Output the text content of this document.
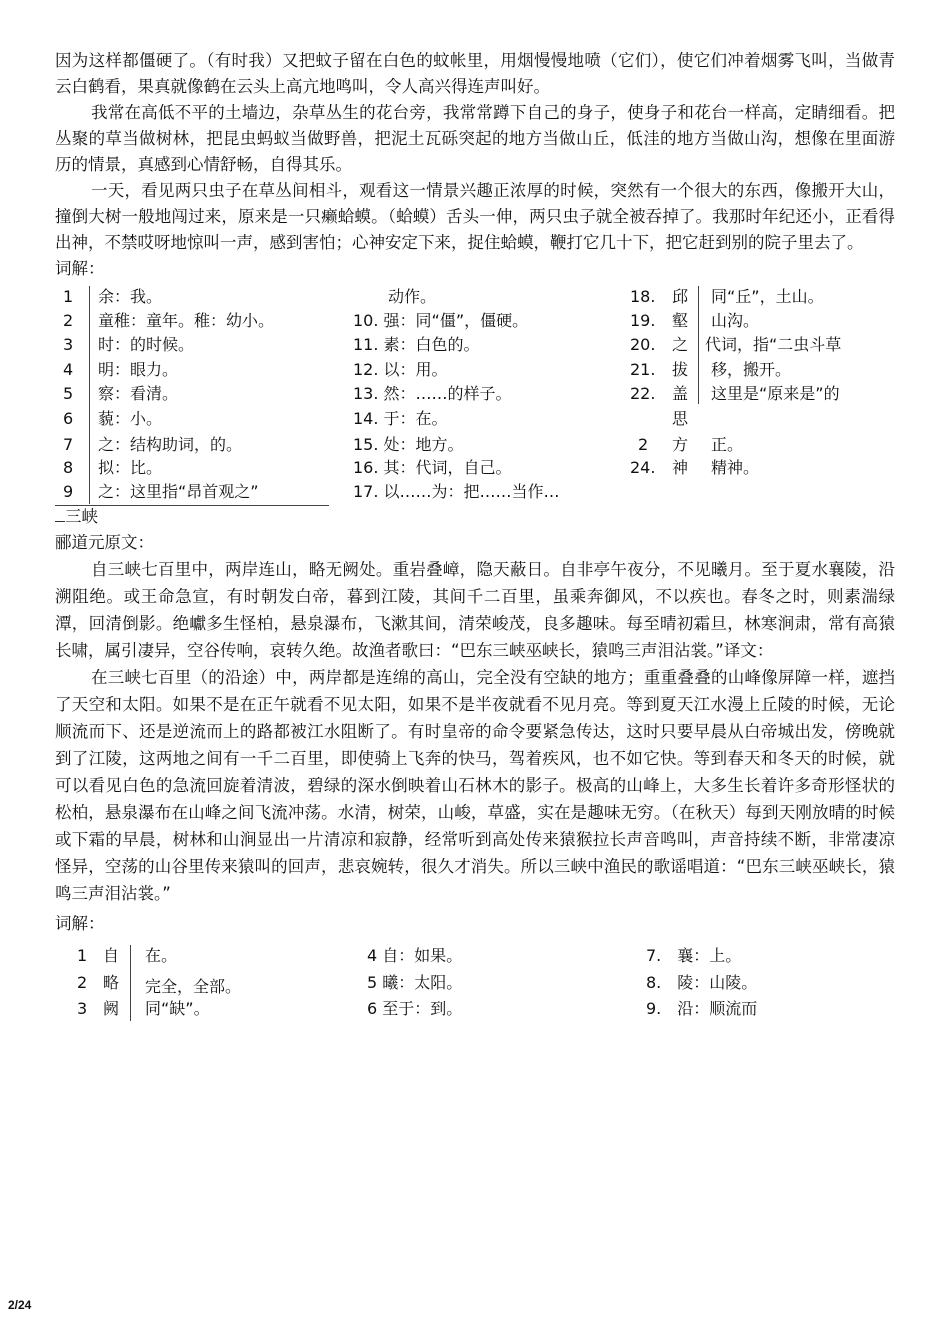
因为这样都僵硬了。（有时我）又把蚊子留在白色的蚊帐里，用烟慢慢地喷（它们），使它们冲着烟雾飞叫，当做青云白鹤看，果真就像鹤在云头上高亢地鸣叫，令人高兴得连声叫好。

我常在高低不平的土墙边，杂草丛生的花台旁，我常常蹲下自己的身子，使身子和花台一样高，定睛细看。把丛聚的草当做树林，把昆虫蚂蚁当做野兽，把泥土瓦砾突起的地方当做山丘，低洼的地方当做山沟，想像在里面游历的情景，真感到心情舒畅，自得其乐。

一天，看见两只虫子在草丛间相斗，观看这一情景兴趣正浓厚的时候，突然有一个很大的东西，像搬开大山，撞倒大树一般地闯过来，原来是一只癞蛤蟆。（蛤蟆）舌头一伸，两只虫子就全被吞掉了。我那时年纪还小，正看得出神，不禁哎呀地惊叫一声，感到害怕；心神安定下来，捉住蛤蟆，鞭打它几十下，把它赶到别的院子里去了。

词解：

1 余：我。
2 童稚：童年。稚：幼小。
3 时：的时候。
4 明：眼力。
5 察：看清。
6 藐：小。
7 之：结构助词，的。
8 拟：比。
9 之：这里指“昂首观之”
动作。
10. 强：同“僵”，僵硬。
11. 素：白色的。
12. 以：用。
13. 然：……的样子。
14. 于：在。
15. 处：地方。
16. 其：代词，自己。
17. 以……为：把……当作…
18.
19.
20.
21.
22.
2
24.
邱
壑
之
拔
盖
思
方
神
同“丘”，土山。
山沟。
代词，指“二虫斗草
移，搬开。
这里是“原来是”的
正。
精神。

三峡

郦道元原文：

自三峡七百里中，两岸连山，略无阙处。重岩叠嶂，隐天蔽日。自非亭午夜分，不见曦月。至于夏水襄陵，沿溯阻绝。或王命急宣，有时朝发白帝，暮到江陵，其间千二百里，虽乘奔御风，不以疾也。春冬之时，则素湍绿潭，回清倒影。绝巘多生怪柏，悬泉瀑布，飞漱其间，清荣峻茂，良多趣味。每至晴初霜旦，林寒涧肃，常有高猿长啸，属引凄异，空谷传响，哀转久绝。故渔者歌曰：“巴东三峡巫峡长，猿鸣三声泪沾裳。”译文：

在三峡七百里（的沿途）中，两岸都是连绵的高山，完全没有空缺的地方；重重叠叠的山峰像屏障一样，遮挡了天空和太阳。如果不是在正午就看不见太阳，如果不是半夜就看不见月亮。等到夏天江水漫上丘陵的时候，无论顺流而下、还是逆流而上的路都被江水阻断了。有时皇帝的命令要紧急传达，这时只要早晨从白帝城出发，傍晚就到了江陵，这两地之间有一千二百里，即使骑上飞奔的快马，驾着疾风，也不如它快。等到春天和冬天的时候，就可以看见白色的急流回旋着清波，碧绿的深水倒映着山石林木的影子。极高的山峰上，大多生长着许多奇形怪状的松柏，悬泉瀑布在山峰之间飞流冲荡。水清，树荣，山峻，草盛，实在是趣味无穷。（在秋天）每到天刚放晴的时候或下霜的早晨，树林和山涧显出一片清凉和寂静，经常听到高处传来猿猴拉长声音鸣叫，声音持续不断，非常凄凉怪异，空荡的山谷里传来猿叫的回声，悲哀婉转，很久才消失。所以三峡中渔民的歌谣唱道：“巴东三峡巫峡长，猿鸣三声泪沾裳。”

词解：

1 自 在。
2 略 完全，全部。
3 阙 同“缺”。
4 自：如果。
5 曦：太阳。
6 至于：到。
7.　襄：上。
8.　陵：山陵。
9.　沿：顺流而
2/24
